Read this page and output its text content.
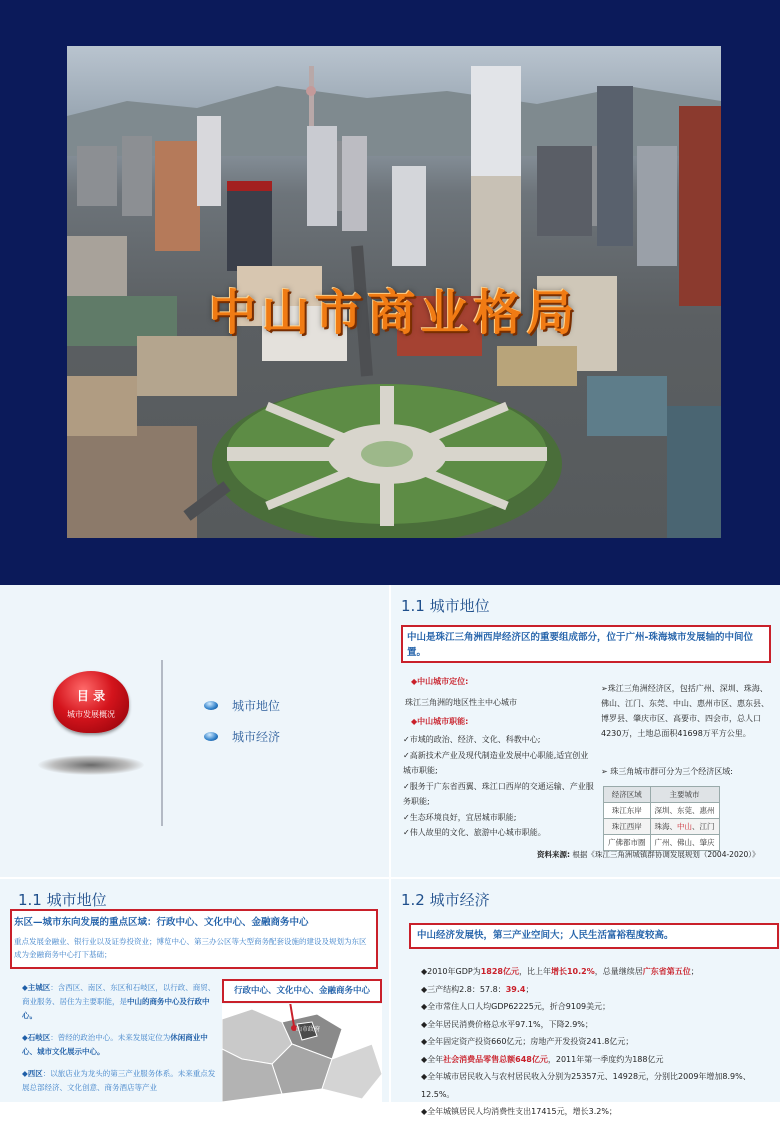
中山市商业格局
目 录
城市发展概况
城市地位
城市经济
1.1 城市地位
中山是珠江三角洲西岸经济区的重要组成部分，位于广州-珠海城市发展轴的中间位置。
◆中山城市定位:
珠江三角洲的地区性主中心城市
◆中山城市职能:
✓市域的政治、经济、文化、科教中心;
✓高新技术产业及现代制造业发展中心职能,适宜创业城市职能;
✓服务于广东省西翼、珠江口西岸的交通运输、产业服务职能;
✓生态环境良好，宜居城市职能;
✓伟人故里的文化、旅游中心城市职能。
➢珠江三角洲经济区，包括广州、深圳、珠海、佛山、江门、东莞、中山、惠州市区、惠东县、博罗县、肇庆市区、高要市、四会市，总人口4230万，土地总面积41698万平方公里。
➢ 珠三角城市群可分为三个经济区域:
经济区域	主要城市
珠江东岸	深圳、东莞、惠州
珠江西岸	珠海、中山、江门
广佛都市圈	广州、佛山、肇庆
资料来源: 根据《珠江三角洲城镇群协调发展规划（2004-2020）》
1.1 城市地位
东区—城市东向发展的重点区域：行政中心、文化中心、金融商务中心
重点发展金融业、银行业以及证券投资业；博览中心、第三办公区等大型商务配套设施的建设及规划为东区成为金融商务中心打下基础；
◆主城区：含西区、南区、东区和石岐区，以行政、商贸、商业服务、居住为主要职能，是中山的商务中心及行政中心。
◆石岐区：曾经的政治中心。未来发展定位为休闲商业中心、城市文化展示中心。
◆西区：以旅店业为龙头的第三产业服务体系。未来重点发展总部经济、文化创意、商务酒店等产业
行政中心、文化中心、金融商务中心
山市政府
1.2 城市经济
中山经济发展快，第三产业空间大；人民生活富裕程度较高。
◆2010年GDP为1828亿元，比上年增长10.2%，总量继续居广东省第五位；
◆三产结构2.8：57.8：39.4；
◆全市常住人口人均GDP62225元，折合9109美元；
◆全年居民消费价格总水平97.1%，下降2.9%；
◆全年固定资产投资660亿元；房地产开发投资241.8亿元；
◆全年社会消费品零售总额648亿元，2011年第一季度约为188亿元
◆全年城市居民收入与农村居民收入分别为25357元、14928元，分别比2009年增加8.9%、12.5%。
◆全年城镇居民人均消费性支出17415元，增长3.2%；
